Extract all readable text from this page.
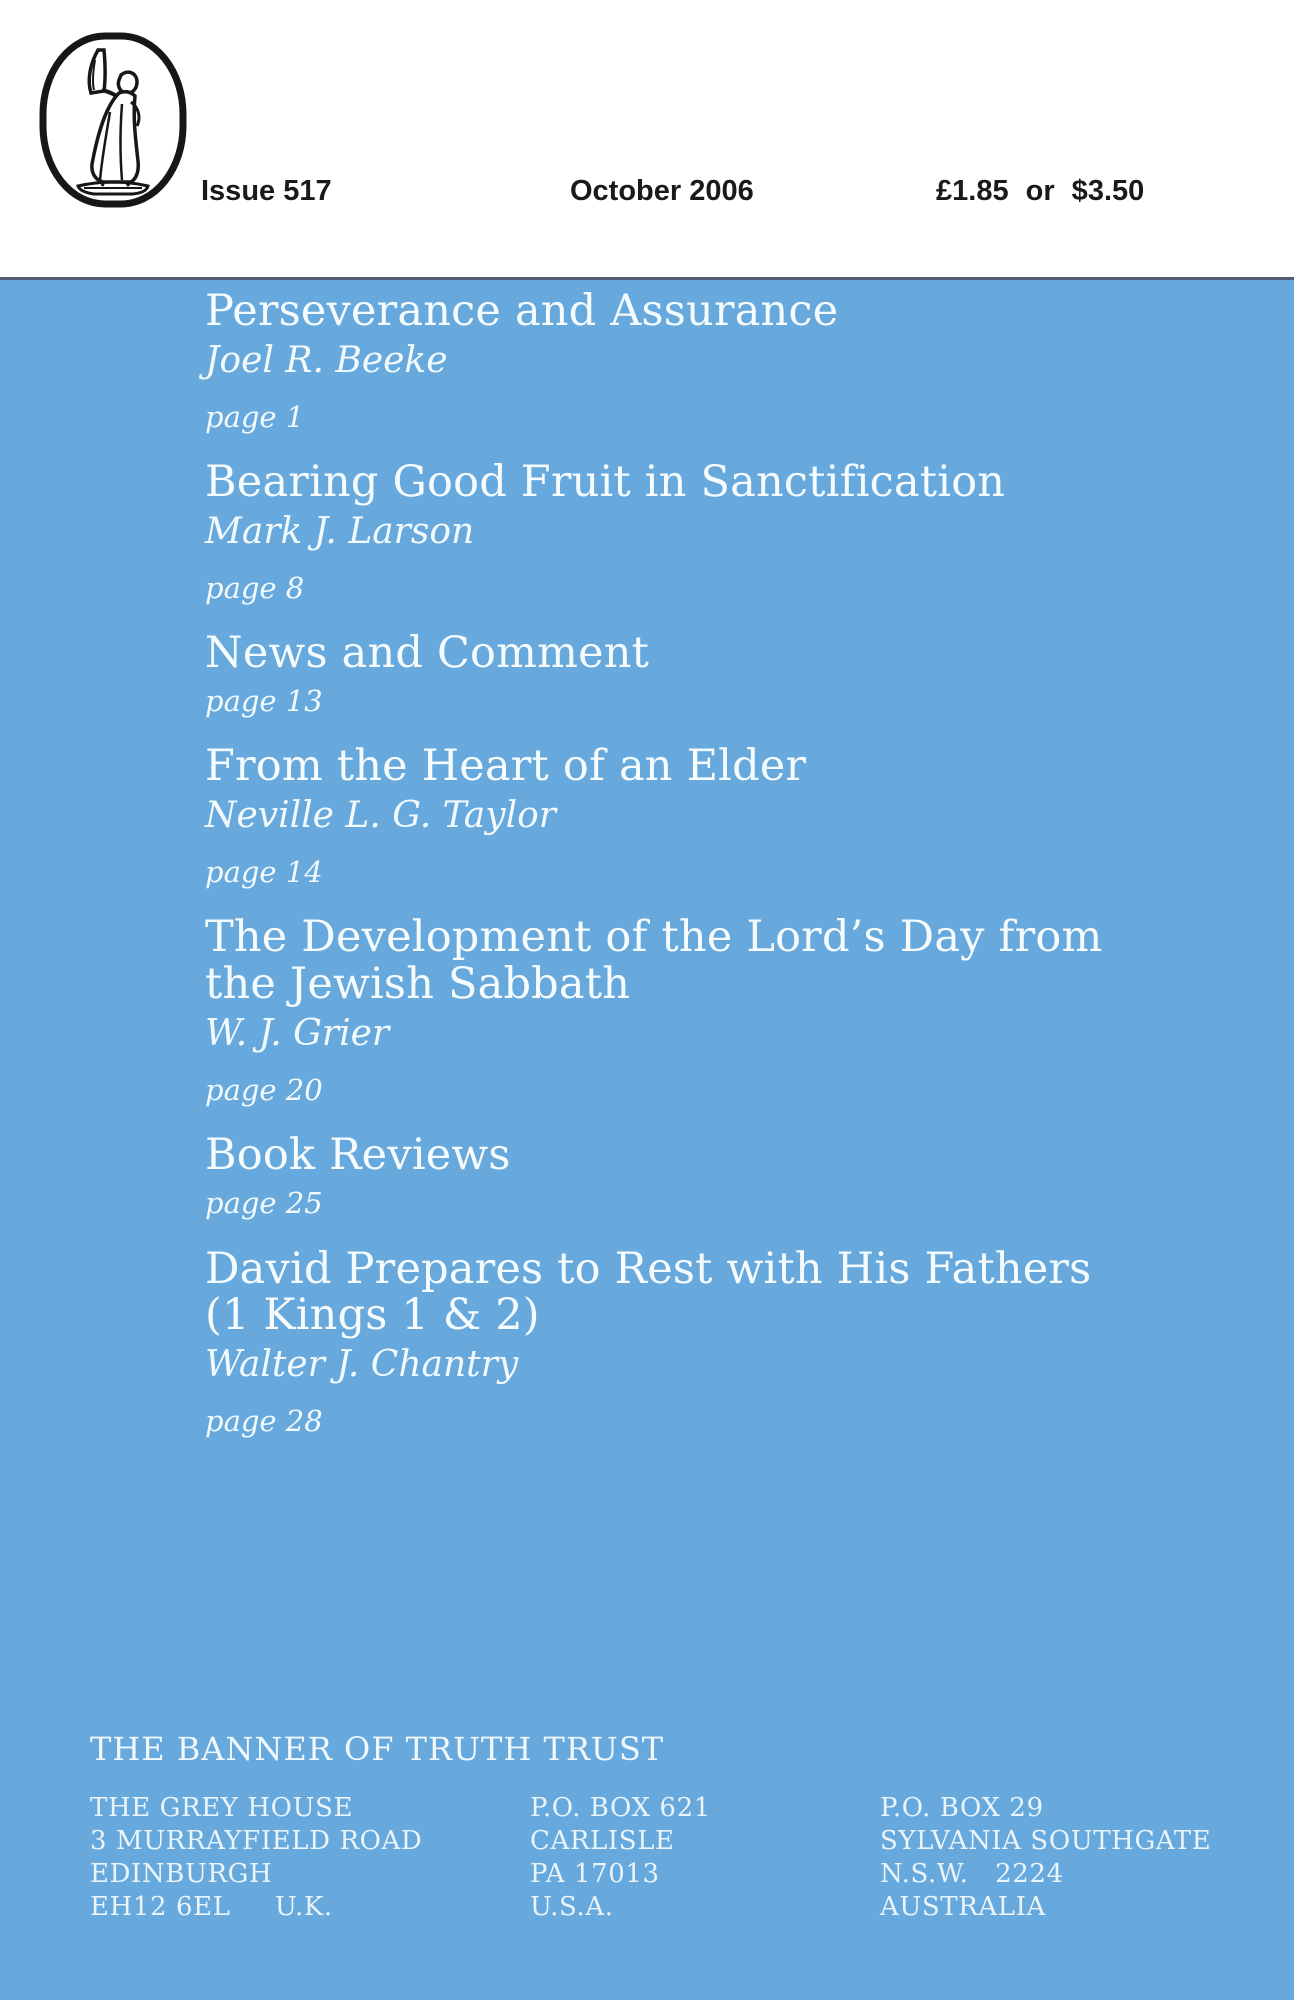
Issue 517	October 2006	£1.85 or $3.50
Perseverance and Assurance
Joel R. Beeke
page 1
Bearing Good Fruit in Sanctification
Mark J. Larson
page 8
News and Comment
page 13
From the Heart of an Elder
Neville L. G. Taylor
page 14
The Development of the Lord’s Day from
the Jewish Sabbath
W. J. Grier
page 20
Book Reviews
page 25
David Prepares to Rest with His Fathers
(1 Kings 1 & 2)
Walter J. Chantry
page 28
THE BANNER OF TRUTH TRUST
THE GREY HOUSE
3 MURRAYFIELD ROAD
EDINBURGH
EH12 6EL     U.K.
P.O. BOX 621
CARLISLE
PA 17013
U.S.A.
P.O. BOX 29
SYLVANIA SOUTHGATE
N.S.W.   2224
AUSTRALIA
